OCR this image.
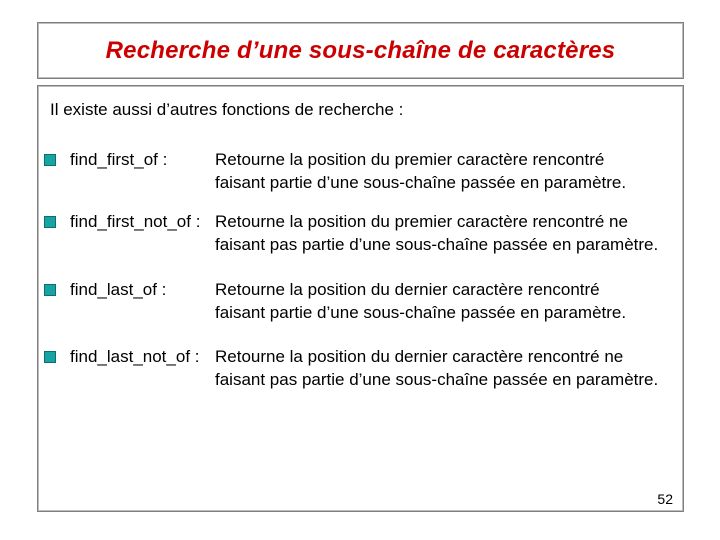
Recherche d’une sous-chaîne de caractères
Il existe aussi d’autres fonctions de recherche :
find_first_of :	Retourne la position du premier caractère rencontré
faisant partie d’une sous-chaîne passée en paramètre.
find_first_not_of : Retourne la position du premier caractère rencontré ne
faisant pas partie d’une sous-chaîne passée en paramètre.
find_last_of :	Retourne la position du dernier caractère rencontré
faisant partie d’une sous-chaîne passée en paramètre.
find_last_not_of : Retourne la position du dernier caractère rencontré ne
faisant pas partie d’une sous-chaîne passée en paramètre.
52
